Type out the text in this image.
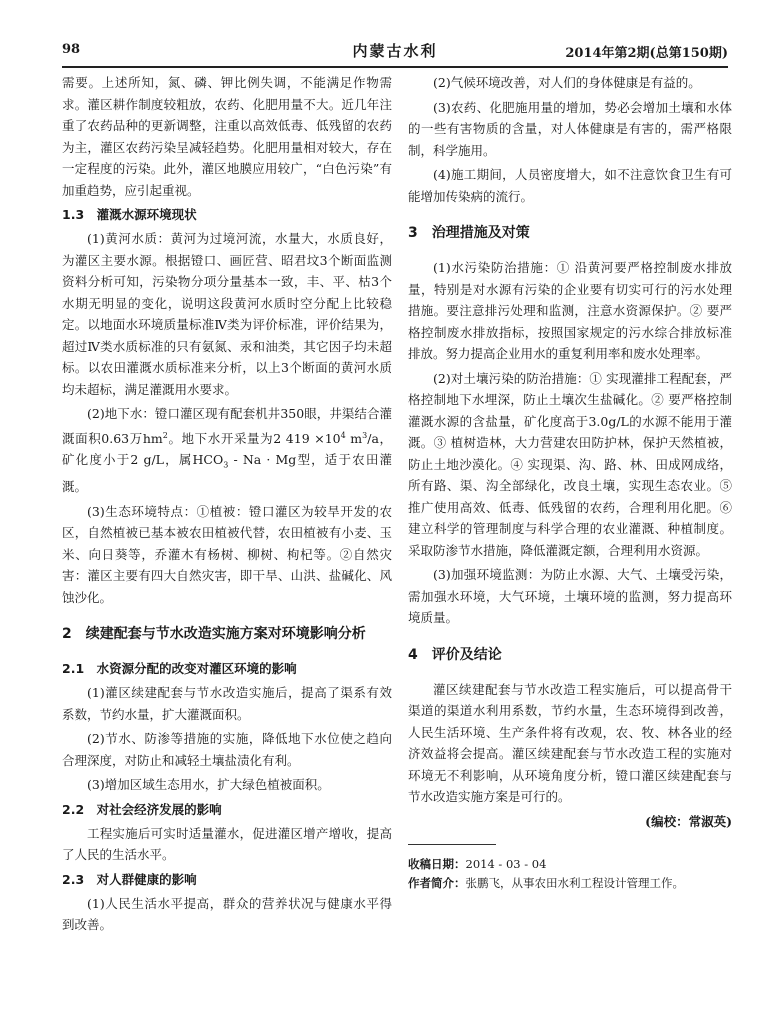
98	内蒙古水利	2014年第2期(总第150期)

需要。上述所知，氮、磷、钾比例失调，不能满足作物需求。灌区耕作制度较粗放，农药、化肥用量不大。近几年注重了农药品种的更新调整，注重以高效低毒、低残留的农药为主，灌区农药污染呈减轻趋势。化肥用量相对较大，存在一定程度的污染。此外，灌区地膜应用较广，“白色污染”有加重趋势，应引起重视。

1.3　灌溉水源环境现状

(1)黄河水质：黄河为过境河流，水量大，水质良好，为灌区主要水源。根据镫口、画匠营、昭君坟3个断面监测资料分析可知，污染物分项分量基本一致，丰、平、枯3个水期无明显的变化，说明这段黄河水质时空分配上比较稳定。以地面水环境质量标准Ⅳ类为评价标准，评价结果为，超过Ⅳ类水质标准的只有氨氮、汞和油类，其它因子均未超标。以农田灌溉水质标准来分析，以上3个断面的黄河水质均未超标，满足灌溉用水要求。

(2)地下水：镫口灌区现有配套机井350眼，井渠结合灌溉面积0.63万$hm^2$。地下水开采量为2 $419 \times 10^4$ $m^3/a$，矿化度小于2 g/L，属$HCO_3 - Na \cdot Mg$型，适于农田灌溉。

(3)生态环境特点：①植被：镫口灌区为较旱开发的农区，自然植被已基本被农田植被代替，农田植被有小麦、玉米、向日葵等，乔灌木有杨树、柳树、枸杞等。②自然灾害：灌区主要有四大自然灾害，即干旱、山洪、盐碱化、风蚀沙化。

2　续建配套与节水改造实施方案对环境影响分析
2.1　水资源分配的改变对灌区环境的影响

(1)灌区续建配套与节水改造实施后，提高了渠系有效系数，节约水量，扩大灌溉面积。

(2)节水、防渗等措施的实施，降低地下水位使之趋向合理深度，对防止和减轻土壤盐渍化有利。

(3)增加区域生态用水，扩大绿色植被面积。

2.2　对社会经济发展的影响

工程实施后可实时适量灌水，促进灌区增产增收，提高了人民的生活水平。

2.3　对人群健康的影响

(1)人民生活水平提高，群众的营养状况与健康水平得到改善。

(2)气候环境改善，对人们的身体健康是有益的。

(3)农药、化肥施用量的增加，势必会增加土壤和水体的一些有害物质的含量，对人体健康是有害的，需严格限制，科学施用。

(4)施工期间，人员密度增大，如不注意饮食卫生有可能增加传染病的流行。

3　治理措施及对策

(1)水污染防治措施：① 沿黄河要严格控制废水排放量，特别是对水源有污染的企业要有切实可行的污水处理措施。要注意排污处理和监测，注意水资源保护。② 要严格控制废水排放指标，按照国家规定的污水综合排放标准排放。努力提高企业用水的重复利用率和废水处理率。

(2)对土壤污染的防治措施：① 实现灌排工程配套，严格控制地下水埋深，防止土壤次生盐碱化。② 要严格控制灌溉水源的含盐量，矿化度高于3.0g/L的水源不能用于灌溉。③ 植树造林，大力营建农田防护林，保护天然植被，防止土地沙漠化。④ 实现渠、沟、路、林、田成网成络，所有路、渠、沟全部绿化，改良土壤，实现生态农业。⑤ 推广使用高效、低毒、低残留的农药，合理利用化肥。⑥ 建立科学的管理制度与科学合理的农业灌溉、种植制度。采取防渗节水措施，降低灌溉定额，合理利用水资源。

(3)加强环境监测：为防止水源、大气、土壤受污染，需加强水环境，大气环境，土壤环境的监测，努力提高环境质量。

4　评价及结论

灌区续建配套与节水改造工程实施后，可以提高骨干渠道的渠道水利用系数，节约水量，生态环境得到改善，人民生活环境、生产条件将有改观，农、牧、林各业的经济效益将会提高。灌区续建配套与节水改造工程的实施对环境无不利影响，从环境角度分析，镫口灌区续建配套与节水改造实施方案是可行的。

(编校：常淑英)

收稿日期：2014 - 03 - 04

作者简介：张鹏飞，从事农田水利工程设计管理工作。
